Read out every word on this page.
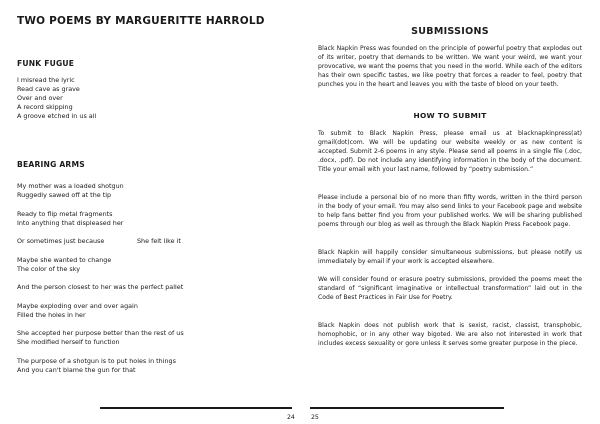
TWO POEMS BY MARGUERITTE HARROLD
FUNK FUGUE
I misread the lyric
Read cave as grave
Over and over
A record skipping
A groove etched in us all
BEARING ARMS
My mother was a loaded shotgun
Ruggedly sawed off at the tip
Ready to flip metal fragments
Into anything that displeased her
Or sometimes just because	She felt like it
Maybe she wanted to change
The color of the sky
And the person closest to her was the perfect pallet
Maybe exploding over and over again
Filled the holes in her
She accepted her purpose better than the rest of us
She modified herself to function
The purpose of a shotgun is to put holes in things
And you can't blame the gun for that
24
SUBMISSIONS
Black Napkin Press was founded on the principle of powerful poetry that explodes out of its writer, poetry that demands to be written. We want your weird, we want your provocative, we want the poems that you need in the world. While each of the editors has their own specific tastes, we like poetry that forces a reader to feel, poetry that punches you in the heart and leaves you with the taste of blood on your teeth.
HOW TO SUBMIT
To submit to Black Napkin Press, please email us at blacknapkinpress(at) gmail(dot)com. We will be updating our website weekly or as new content is accepted. Submit 2-6 poems in any style. Please send all poems in a single file (.doc, .docx, .pdf). Do not include any identifying information in the body of the document. Title your email with your last name, followed by “poetry submission.”
Please include a personal bio of no more than fifty words, written in the third person in the body of your email. You may also send links to your Facebook page and website to help fans better find you from your published works. We will be sharing published poems through our blog as well as through the Black Napkin Press Facebook page.
Black Napkin will happily consider simultaneous submissions, but please notify us immediately by email if your work is accepted elsewhere.
We will consider found or erasure poetry submissions, provided the poems meet the standard of “significant imaginative or intellectual transformation” laid out in the Code of Best Practices in Fair Use for Poetry.
Black Napkin does not publish work that is sexist, racist, classist, transphobic, homophobic, or in any other way bigoted. We are also not interested in work that includes excess sexuality or gore unless it serves some greater purpose in the piece.
25
